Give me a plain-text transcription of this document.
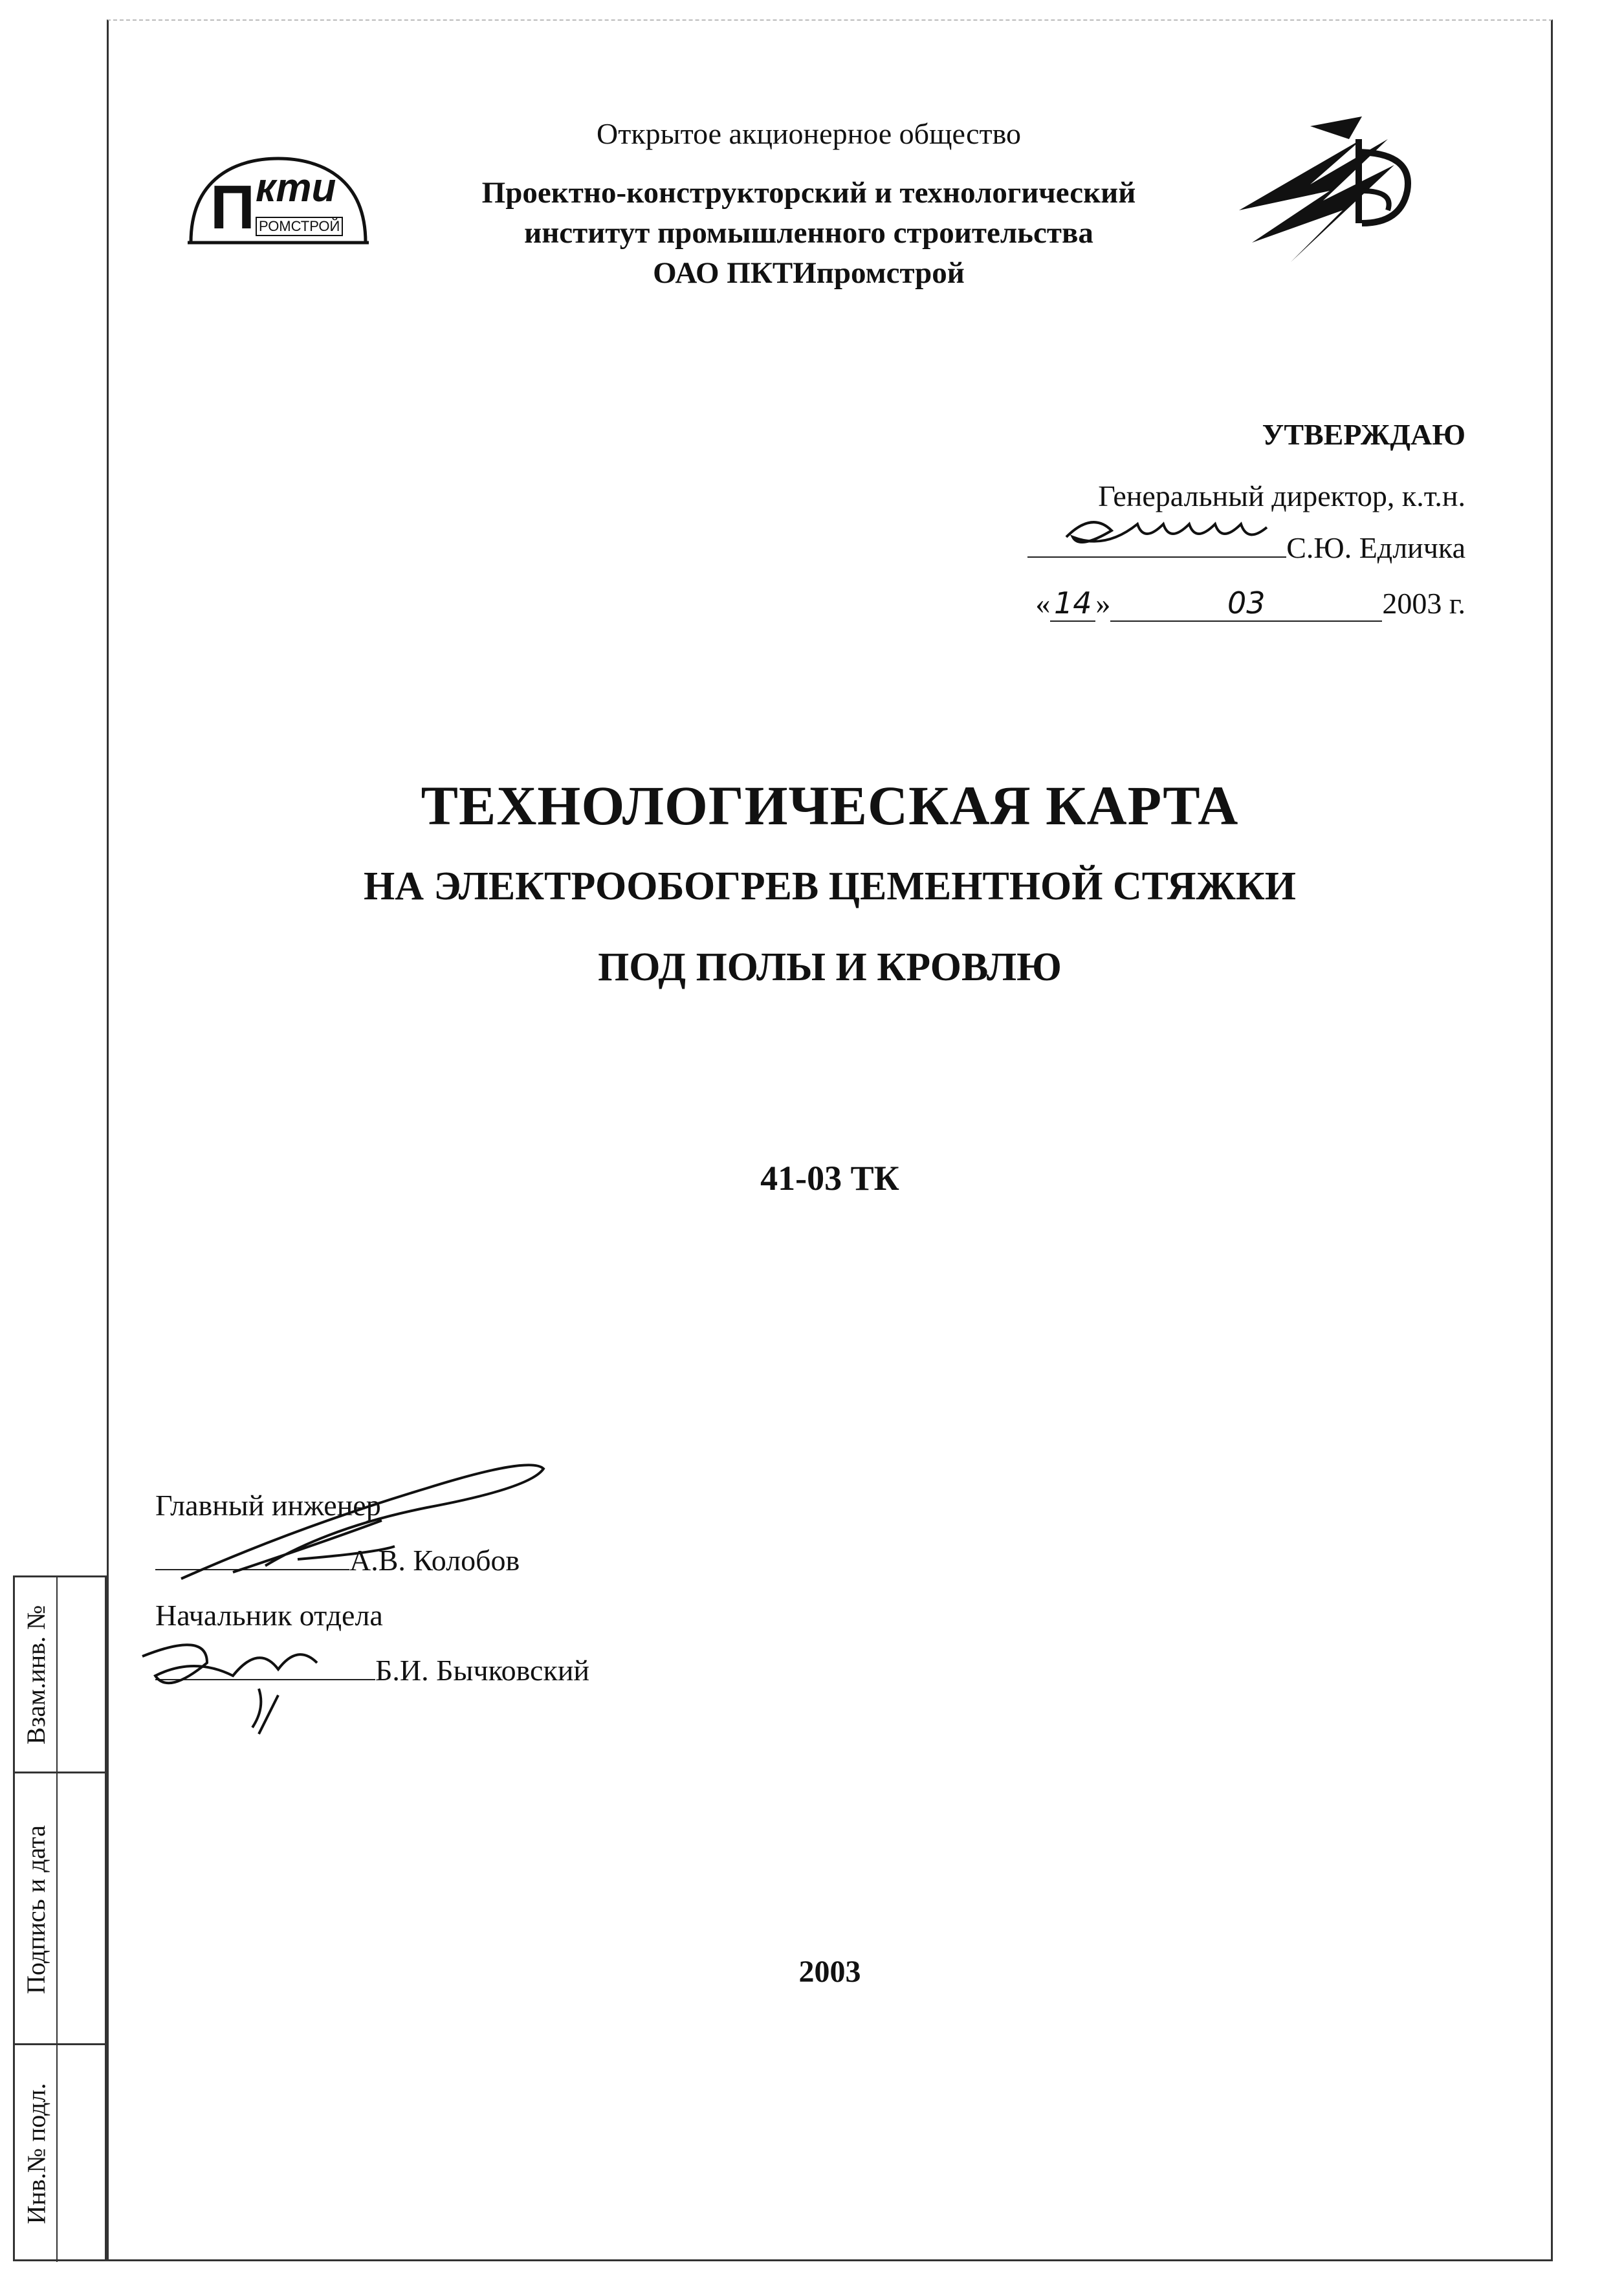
П ктu
РОМСТРОЙ
Открытое акционерное общество
Проектно-конструкторский и технологический
институт промышленного строительства
ОАО ПКТИпромстрой
УТВЕРЖДАЮ
Генеральный директор, к.т.н.
С.Ю. Едличка
« 14 »	03	2003 г.
ТЕХНОЛОГИЧЕСКАЯ КАРТА
НА ЭЛЕКТРООБОГРЕВ ЦЕМЕНТНОЙ СТЯЖКИ
ПОД ПОЛЫ И КРОВЛЮ
41-03 ТК
Главный инженер
А.В. Колобов
Начальник отдела
Б.И. Бычковский
2003
Взам.инв. №
Подпись и дата
Инв.№ подл.
